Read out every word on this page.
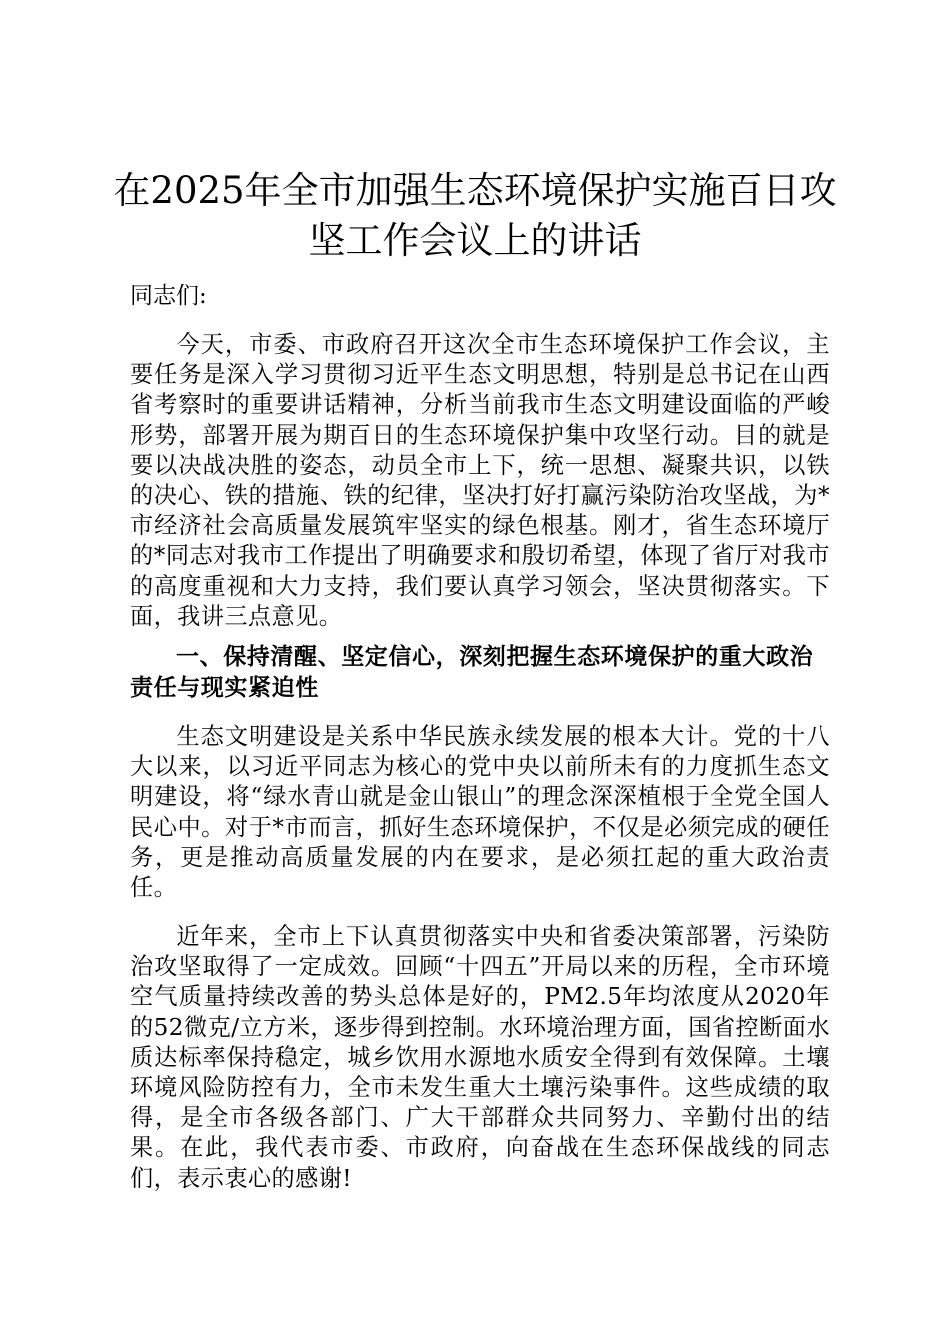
在2025年全市加强生态环境保护实施百日攻坚工作会议上的讲话

同志们:

今天，市委、市政府召开这次全市生态环境保护工作会议，主要任务是深入学习贯彻习近平生态文明思想，特别是总书记在山西省考察时的重要讲话精神，分析当前我市生态文明建设面临的严峻形势，部署开展为期百日的生态环境保护集中攻坚行动。目的就是要以决战决胜的姿态，动员全市上下，统一思想、凝聚共识，以铁的决心、铁的措施、铁的纪律，坚决打好打赢污染防治攻坚战，为*市经济社会高质量发展筑牢坚实的绿色根基。刚才，省生态环境厅的*同志对我市工作提出了明确要求和殷切希望，体现了省厅对我市的高度重视和大力支持，我们要认真学习领会，坚决贯彻落实。下面，我讲三点意见。

一、保持清醒、坚定信心，深刻把握生态环境保护的重大政治责任与现实紧迫性

生态文明建设是关系中华民族永续发展的根本大计。党的十八大以来，以习近平同志为核心的党中央以前所未有的力度抓生态文明建设，将“绿水青山就是金山银山”的理念深深植根于全党全国人民心中。对于*市而言，抓好生态环境保护，不仅是必须完成的硬任务，更是推动高质量发展的内在要求，是必须扛起的重大政治责任。

近年来，全市上下认真贯彻落实中央和省委决策部署，污染防治攻坚取得了一定成效。回顾“十四五”开局以来的历程，全市环境空气质量持续改善的势头总体是好的，PM2.5年均浓度从2020年的52微克/立方米，逐步得到控制。水环境治理方面，国省控断面水质达标率保持稳定，城乡饮用水源地水质安全得到有效保障。土壤环境风险防控有力，全市未发生重大土壤污染事件。这些成绩的取得，是全市各级各部门、广大干部群众共同努力、辛勤付出的结果。在此，我代表市委、市政府，向奋战在生态环保战线的同志们，表示衷心的感谢!
